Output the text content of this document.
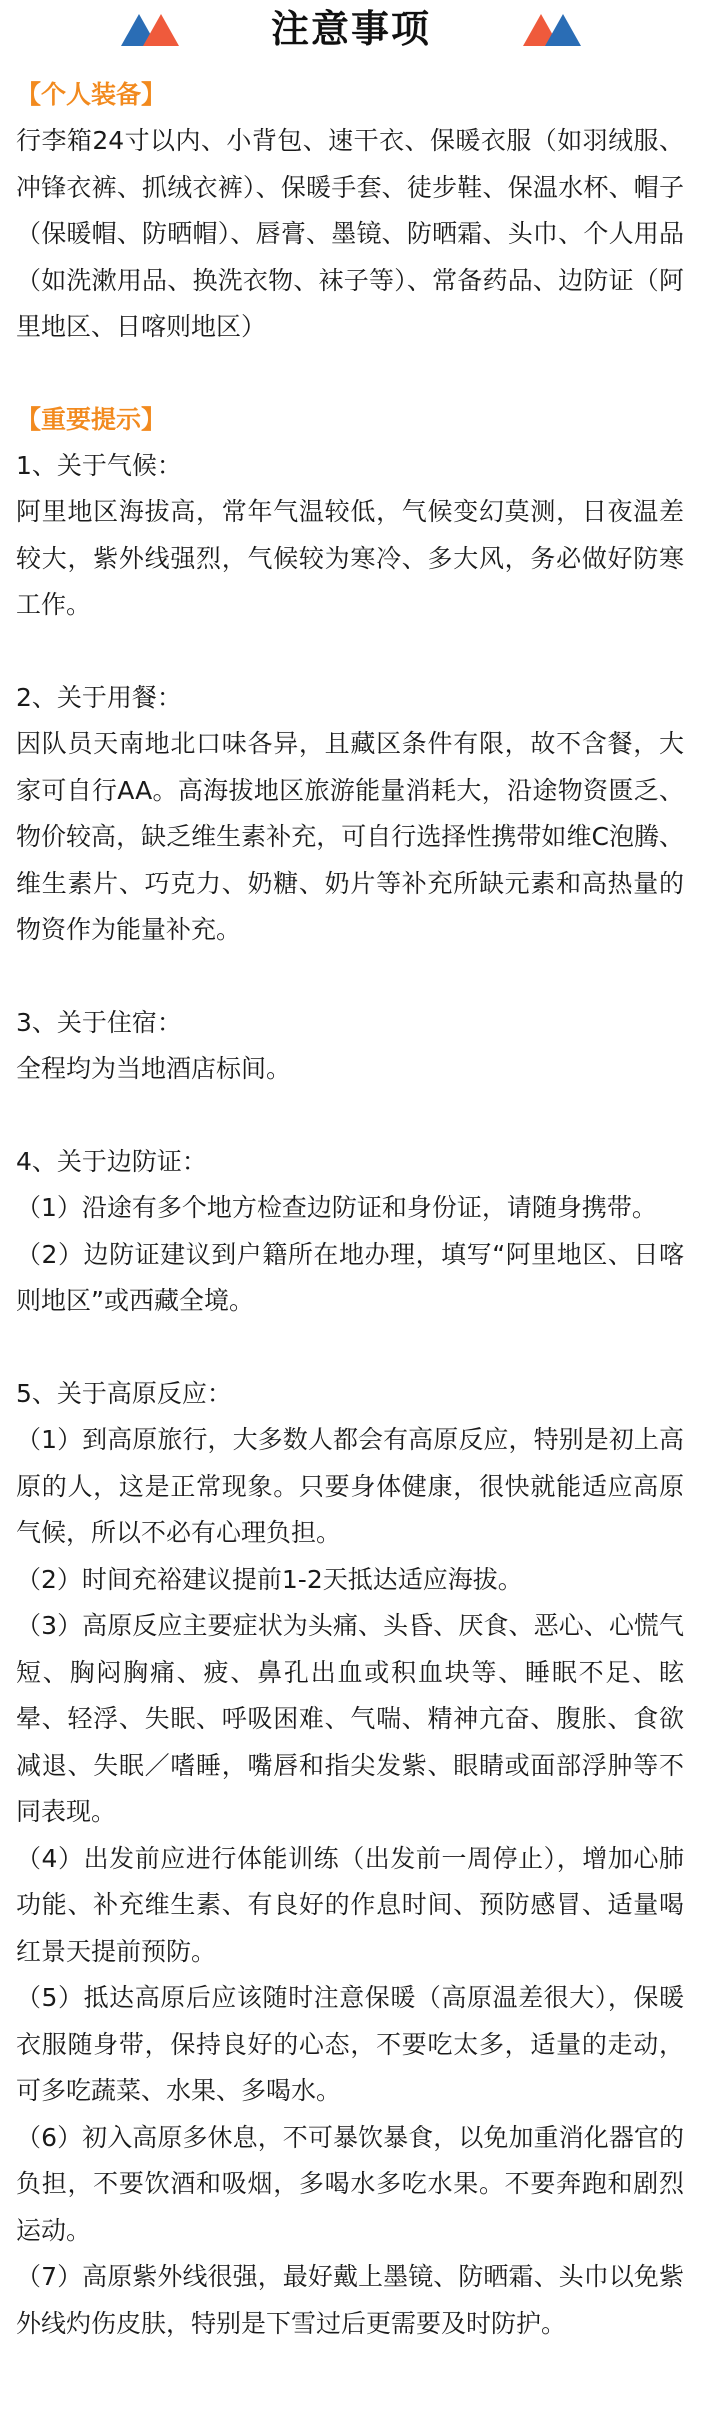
注意事项

【个人装备】

行李箱24寸以内、小背包、速干衣、保暖衣服（如羽绒服、冲锋衣裤、抓绒衣裤）、保暖手套、徒步鞋、保温水杯、帽子（保暖帽、防晒帽）、唇膏、墨镜、防晒霜、头巾、个人用品（如洗漱用品、换洗衣物、袜子等）、常备药品、边防证（阿里地区、日喀则地区）

【重要提示】

1、关于气候：

阿里地区海拔高，常年气温较低，气候变幻莫测，日夜温差较大，紫外线强烈，气候较为寒冷、多大风，务必做好防寒工作。

2、关于用餐：

因队员天南地北口味各异，且藏区条件有限，故不含餐，大家可自行AA。高海拔地区旅游能量消耗大，沿途物资匮乏、物价较高，缺乏维生素补充，可自行选择性携带如维C泡腾、维生素片、巧克力、奶糖、奶片等补充所缺元素和高热量的物资作为能量补充。

3、关于住宿：

全程均为当地酒店标间。

4、关于边防证：

（1）沿途有多个地方检查边防证和身份证，请随身携带。

（2）边防证建议到户籍所在地办理，填写“阿里地区、日喀则地区”或西藏全境。

5、关于高原反应：

（1）到高原旅行，大多数人都会有高原反应，特别是初上高原的人，这是正常现象。只要身体健康，很快就能适应高原气候，所以不必有心理负担。

（2）时间充裕建议提前1-2天抵达适应海拔。

（3）高原反应主要症状为头痛、头昏、厌食、恶心、心慌气短、胸闷胸痛、疲、鼻孔出血或积血块等、睡眠不足、眩晕、轻浮、失眠、呼吸困难、气喘、精神亢奋、腹胀、食欲减退、失眠／嗜睡，嘴唇和指尖发紫、眼睛或面部浮肿等不同表现。

（4）出发前应进行体能训练（出发前一周停止），增加心肺功能、补充维生素、有良好的作息时间、预防感冒、适量喝红景天提前预防。

（5）抵达高原后应该随时注意保暖（高原温差很大），保暖衣服随身带，保持良好的心态，不要吃太多，适量的走动，可多吃蔬菜、水果、多喝水。

（6）初入高原多休息，不可暴饮暴食，以免加重消化器官的负担，不要饮酒和吸烟，多喝水多吃水果。不要奔跑和剧烈运动。

（7）高原紫外线很强，最好戴上墨镜、防晒霜、头巾以免紫外线灼伤皮肤，特别是下雪过后更需要及时防护。
